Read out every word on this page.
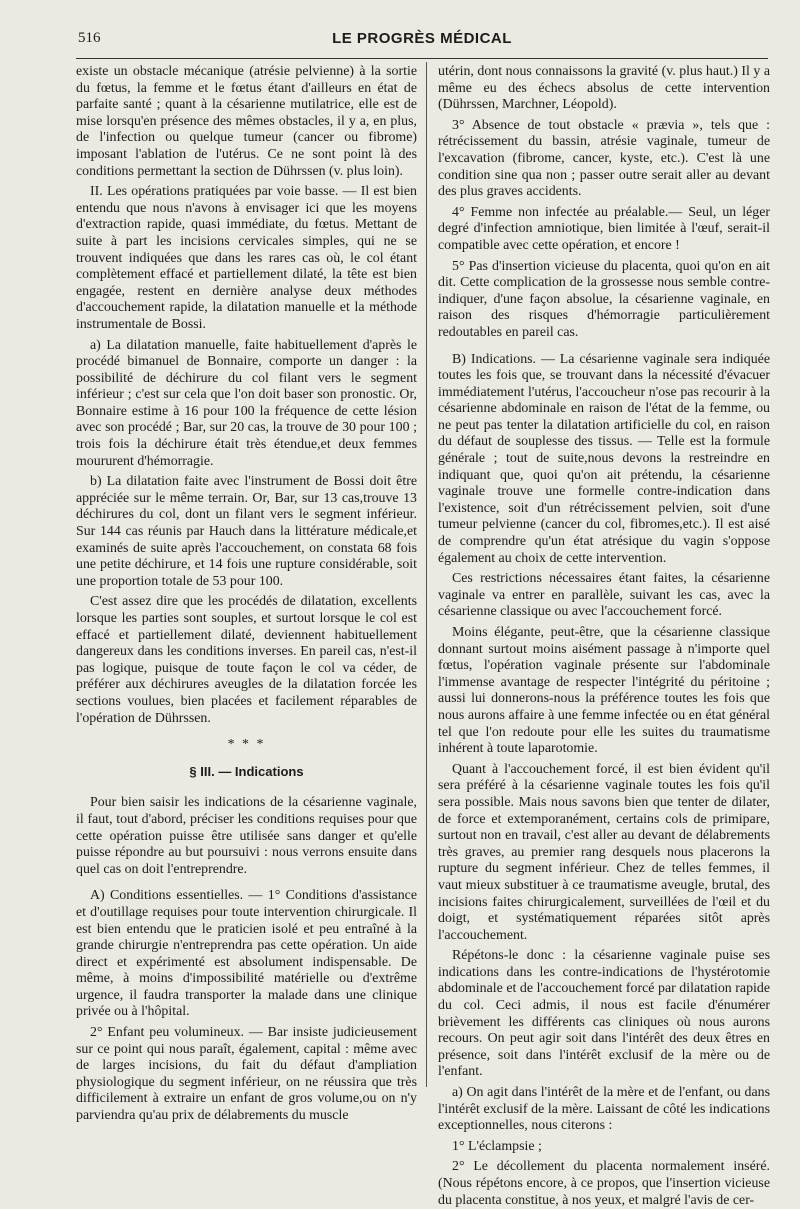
516	LE PROGRÈS MÉDICAL

existe un obstacle mécanique (atrésie pelvienne) à la sortie du fœtus, la femme et le fœtus étant d'ailleurs en état de parfaite santé ; quant à la césarienne mutilatrice, elle est de mise lorsqu'en présence des mêmes obstacles, il y a, en plus, de l'infection ou quelque tumeur (cancer ou fibrome) imposant l'ablation de l'utérus. Ce ne sont point là des conditions permettant la section de Dührssen (v. plus loin).

II. Les opérations pratiquées par voie basse. — Il est bien entendu que nous n'avons à envisager ici que les moyens d'extraction rapide, quasi immédiate, du fœtus. Mettant de suite à part les incisions cervicales simples, qui ne se trouvent indiquées que dans les rares cas où, le col étant complètement effacé et partiellement dilaté, la tête est bien engagée, restent en dernière analyse deux méthodes d'accouchement rapide, la dilatation manuelle et la méthode instrumentale de Bossi.

a) La dilatation manuelle, faite habituellement d'après le procédé bimanuel de Bonnaire, comporte un danger : la possibilité de déchirure du col filant vers le segment inférieur ; c'est sur cela que l'on doit baser son pronostic. Or, Bonnaire estime à 16 pour 100 la fréquence de cette lésion avec son procédé ; Bar, sur 20 cas, la trouve de 30 pour 100 ; trois fois la déchirure était très étendue,et deux femmes moururent d'hémorragie.

b) La dilatation faite avec l'instrument de Bossi doit être appréciée sur le même terrain. Or, Bar, sur 13 cas,trouve 13 déchirures du col, dont un filant vers le segment inférieur. Sur 144 cas réunis par Hauch dans la littérature médicale,et examinés de suite après l'accouchement, on constata 68 fois une petite déchirure, et 14 fois une rupture considérable, soit une proportion totale de 53 pour 100.

C'est assez dire que les procédés de dilatation, excellents lorsque les parties sont souples, et surtout lorsque le col est effacé et partiellement dilaté, deviennent habituellement dangereux dans les conditions inverses. En pareil cas, n'est-il pas logique, puisque de toute façon le col va céder, de préférer aux déchirures aveugles de la dilatation forcée les sections voulues, bien placées et facilement réparables de l'opération de Dührssen.

* * *

§ III. — Indications

Pour bien saisir les indications de la césarienne vaginale, il faut, tout d'abord, préciser les conditions requises pour que cette opération puisse être utilisée sans danger et qu'elle puisse répondre au but poursuivi : nous verrons ensuite dans quel cas on doit l'entreprendre.

A) Conditions essentielles. — 1° Conditions d'assistance et d'outillage requises pour toute intervention chirurgicale. Il est bien entendu que le praticien isolé et peu entraîné à la grande chirurgie n'entreprendra pas cette opération. Un aide direct et expérimenté est absolument indispensable. De même, à moins d'impossibilité matérielle ou d'extrême urgence, il faudra transporter la malade dans une clinique privée ou à l'hôpital.

2° Enfant peu volumineux. — Bar insiste judicieusement sur ce point qui nous paraît, également, capital : même avec de larges incisions, du fait du défaut d'ampliation physiologique du segment inférieur, on ne réussira que très difficilement à extraire un enfant de gros volume,ou on n'y parviendra qu'au prix de délabrements du muscle

utérin, dont nous connaissons la gravité (v. plus haut.) Il y a même eu des échecs absolus de cette intervention (Dührssen, Marchner, Léopold).

3° Absence de tout obstacle « prævia », tels que : rétrécissement du bassin, atrésie vaginale, tumeur de l'excavation (fibrome, cancer, kyste, etc.). C'est là une condition sine qua non ; passer outre serait aller au devant des plus graves accidents.

4° Femme non infectée au préalable.— Seul, un léger degré d'infection amniotique, bien limitée à l'œuf, serait-il compatible avec cette opération, et encore !

5° Pas d'insertion vicieuse du placenta, quoi qu'on en ait dit. Cette complication de la grossesse nous semble contre-indiquer, d'une façon absolue, la césarienne vaginale, en raison des risques d'hémorragie particulièrement redoutables en pareil cas.

B) Indications. — La césarienne vaginale sera indiquée toutes les fois que, se trouvant dans la nécessité d'évacuer immédiatement l'utérus, l'accoucheur n'ose pas recourir à la césarienne abdominale en raison de l'état de la femme, ou ne peut pas tenter la dilatation artificielle du col, en raison du défaut de souplesse des tissus. — Telle est la formule générale ; tout de suite,nous devons la restreindre en indiquant que, quoi qu'on ait prétendu, la césarienne vaginale trouve une formelle contre-indication dans l'existence, soit d'un rétrécissement pelvien, soit d'une tumeur pelvienne (cancer du col, fibromes,etc.). Il est aisé de comprendre qu'un état atrésique du vagin s'oppose également au choix de cette intervention.

Ces restrictions nécessaires étant faites, la césarienne vaginale va entrer en parallèle, suivant les cas, avec la césarienne classique ou avec l'accouchement forcé.

Moins élégante, peut-être, que la césarienne classique donnant surtout moins aisément passage à n'importe quel fœtus, l'opération vaginale présente sur l'abdominale l'immense avantage de respecter l'intégrité du péritoine ; aussi lui donnerons-nous la préférence toutes les fois que nous aurons affaire à une femme infectée ou en état général tel que l'on redoute pour elle les suites du traumatisme inhérent à toute laparotomie.

Quant à l'accouchement forcé, il est bien évident qu'il sera préféré à la césarienne vaginale toutes les fois qu'il sera possible. Mais nous savons bien que tenter de dilater, de force et extemporanément, certains cols de primipare, surtout non en travail, c'est aller au devant de délabrements très graves, au premier rang desquels nous placerons la rupture du segment inférieur. Chez de telles femmes, il vaut mieux substituer à ce traumatisme aveugle, brutal, des incisions faites chirurgicalement, surveillées de l'œil et du doigt, et systématiquement réparées sitôt après l'accouchement.

Répétons-le donc : la césarienne vaginale puise ses indications dans les contre-indications de l'hystérotomie abdominale et de l'accouchement forcé par dilatation rapide du col. Ceci admis, il nous est facile d'énumérer brièvement les différents cas cliniques où nous aurons recours. On peut agir soit dans l'intérêt des deux êtres en présence, soit dans l'intérêt exclusif de la mère ou de l'enfant.

a) On agit dans l'intérêt de la mère et de l'enfant, ou dans l'intérêt exclusif de la mère. Laissant de côté les indications exceptionnelles, nous citerons :

1° L'éclampsie ;

2° Le décollement du placenta normalement inséré. (Nous répétons encore, à ce propos, que l'insertion vicieuse du placenta constitue, à nos yeux, et malgré l'avis de cer-
